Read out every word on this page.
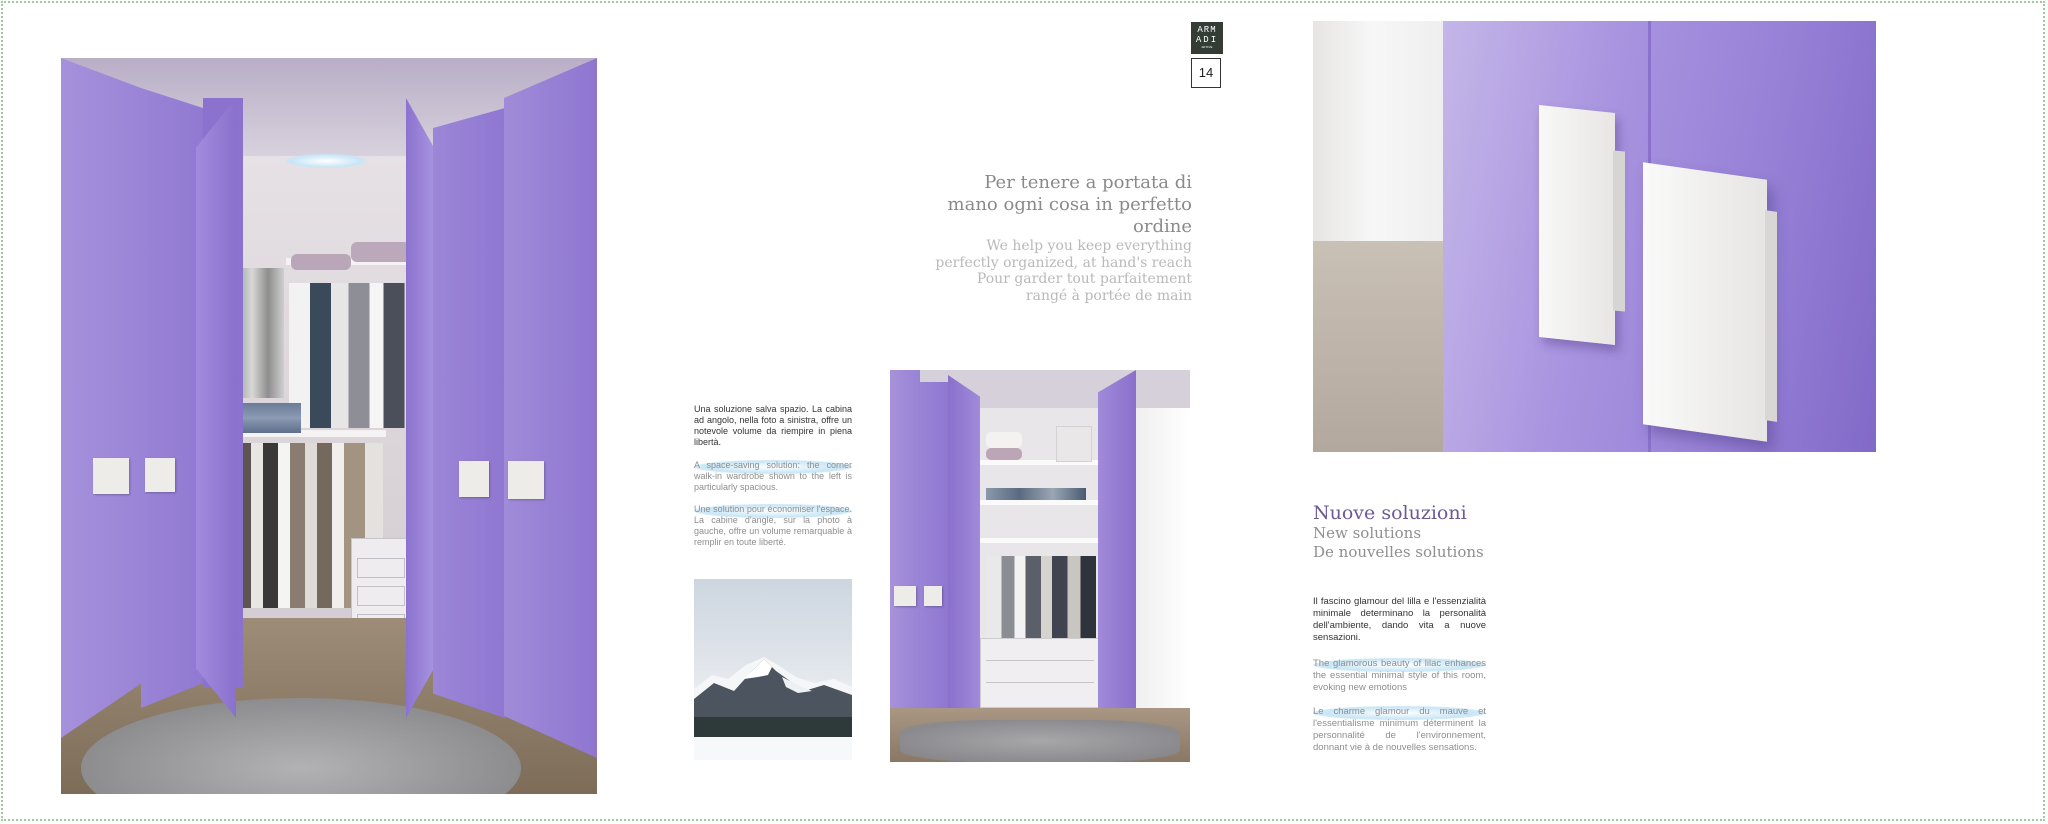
ARM
ADI
NATIVE
14
Per tenere a portata di
mano ogni cosa in perfetto
ordine
We help you keep everything
perfectly organized, at hand's reach
Pour garder tout parfaitement
rangé à portée de main
Una soluzione salva spazio. La cabina ad angolo, nella foto a sinistra, offre un notevole volume da riempire in piena libertà.
A space-saving solution: the corner walk-in wardrobe shown to the left is particularly spacious.
Une solution pour économiser l'espace. La cabine d'angle, sur la photo à gauche, offre un volume remarquable à remplir en toute liberté.
Nuove soluzioni
New solutions
De nouvelles solutions
Il fascino glamour del lilla e l'essenzialità minimale determinano la personalità dell'ambiente, dando vita a nuove sensazioni.
The glamorous beauty of lilac enhances the essential minimal style of this room, evoking new emotions
Le charme glamour du mauve et l'essentialisme minimum déterminent la personnalité de l'environnement, donnant vie à de nouvelles sensations.
